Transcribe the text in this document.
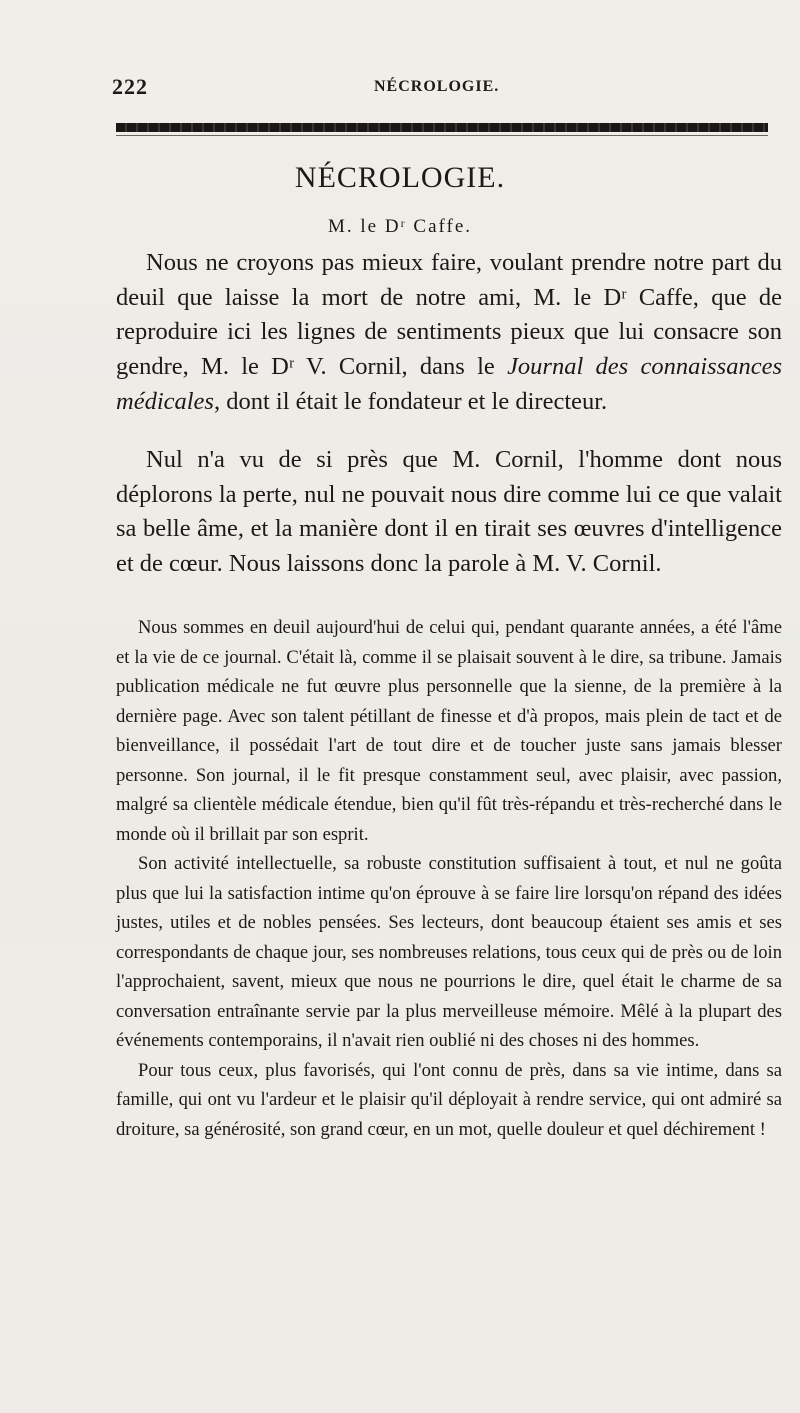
222	NÉCROLOGIE.
NÉCROLOGIE.
M. le Dʳ Caffe.

Nous ne croyons pas mieux faire, voulant prendre notre part du deuil que laisse la mort de notre ami, M. le Dʳ Caffe, que de reproduire ici les lignes de sentiments pieux que lui consacre son gendre, M. le Dʳ V. Cornil, dans le Journal des connaissances médicales, dont il était le fondateur et le directeur.

Nul n'a vu de si près que M. Cornil, l'homme dont nous déplorons la perte, nul ne pouvait nous dire comme lui ce que valait sa belle âme, et la manière dont il en tirait ses œuvres d'intelligence et de cœur. Nous laissons donc la parole à M. V. Cornil.

Nous sommes en deuil aujourd'hui de celui qui, pendant quarante années, a été l'âme et la vie de ce journal. C'était là, comme il se plaisait souvent à le dire, sa tribune. Jamais publication médicale ne fut œuvre plus personnelle que la sienne, de la première à la dernière page. Avec son talent pétillant de finesse et d'à propos, mais plein de tact et de bienveillance, il possédait l'art de tout dire et de toucher juste sans jamais blesser personne. Son journal, il le fit presque constamment seul, avec plaisir, avec passion, malgré sa clientèle médicale étendue, bien qu'il fût très-répandu et très-recherché dans le monde où il brillait par son esprit.

Son activité intellectuelle, sa robuste constitution suffisaient à tout, et nul ne goûta plus que lui la satisfaction intime qu'on éprouve à se faire lire lorsqu'on répand des idées justes, utiles et de nobles pensées. Ses lecteurs, dont beaucoup étaient ses amis et ses correspondants de chaque jour, ses nombreuses relations, tous ceux qui de près ou de loin l'approchaient, savent, mieux que nous ne pourrions le dire, quel était le charme de sa conversation entraînante servie par la plus merveilleuse mémoire. Mêlé à la plupart des événements contemporains, il n'avait rien oublié ni des choses ni des hommes.

Pour tous ceux, plus favorisés, qui l'ont connu de près, dans sa vie intime, dans sa famille, qui ont vu l'ardeur et le plaisir qu'il déployait à rendre service, qui ont admiré sa droiture, sa générosité, son grand cœur, en un mot, quelle douleur et quel déchirement !
